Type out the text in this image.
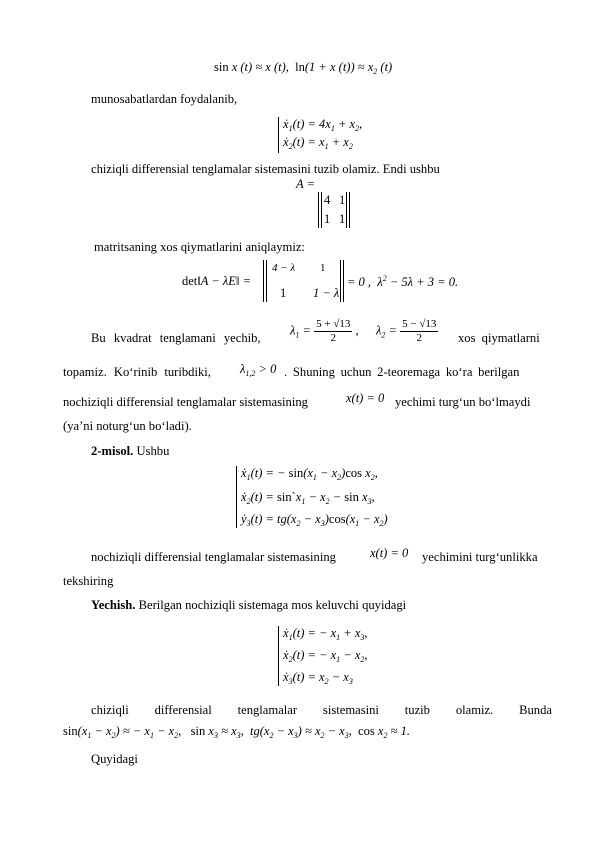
sin x (t) ≈ x (t),  ln(1 + x $(t)) \approx x_2$ (t)
munosabatlardan foydalanib,
ẋ$_1$(t) = $4x_1 + x_2$,
ẋ$_2$(t) = $x_1 + x_2$
chiziqli differensial tenglamalar sistemasini tuzib olamiz. Endi ushbu
A =
4 1
1 1
matritsaning xos qiymatlarini aniqlaymiz:
det‖A − λE‖ =
4 − λ 1
1 1 − λ
= 0 ,  $\lambda^2 - 5\lambda + 3 = 0$.
Bu kvadrat tenglamani yechib,
$\lambda_1 = \frac{5 + √13}{2}$ , $\lambda_2 = \frac{5 - √13}{2}$ xos qiymatlarni
topamiz. Ko‘rinib turibdiki, $\lambda_{1,2} > 0$ . Shuning uchun 2-teoremaga ko‘ra berilgan
nochiziqli differensial tenglamalar sistemasining	x(t) = 0 yechimi turg‘un bo‘lmaydi
(ya’ni noturg‘un bo‘ladi).
2-misol. Ushbu
ẋ$_1$(t) = − $\sin(x_1 - x_2)\cos$ $x_2$,
ẋ$_2$(t) = $\sin`x_1 - x_2 - \sin x_3$,
ẏ$_3$(t) = $tg(x_2 - x_3)\cos(x_1 - x_2)$
nochiziqli differensial tenglamalar sistemasining	x(t) = 0 yechimini turg‘unlikka
tekshiring
Yechish. Berilgan nochiziqli sistemaga mos keluvchi quyidagi
ẋ$_1$(t) = − $x_1 + x_3$,
ẋ$_2$(t) = − $x_1 - x_2$,
ẋ$_3$(t) = $x_2 - x_3$
chiziqli differensial tenglamalar sistemasini tuzib olamiz. Bunda
$\sin(x_1 - x_2)$ ≈ − $x_1 - x_2$,   $\sin x_3 \approx x_3$,  $tg(x_2 - x_3) \approx x_2 - x_3$,  $\cos x_2 \approx 1$.
Quyidagi
